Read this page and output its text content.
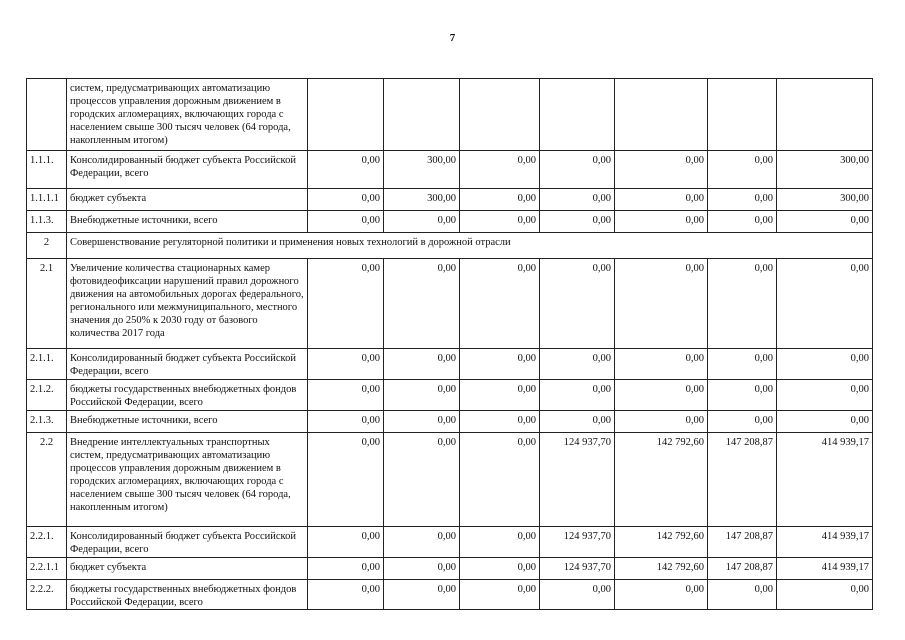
7
	систем, предусматривающих автоматизацию процессов управления дорожным движением в городских агломерациях, включающих города с населением свыше 300 тысяч человек (64 города, накопленным итогом)							
1.1.1.	Консолидированный бюджет субъекта Российской Федерации, всего	0,00	300,00	0,00	0,00	0,00	0,00	300,00
1.1.1.1	бюджет субъекта	0,00	300,00	0,00	0,00	0,00	0,00	300,00
1.1.3.	Внебюджетные источники, всего	0,00	0,00	0,00	0,00	0,00	0,00	0,00
2	Совершенствование регуляторной политики и применения новых технологий в дорожной отрасли							
2.1	Увеличение количества стационарных камер фотовидеофиксации нарушений правил дорожного движения на автомобильных дорогах федерального, регионального или межмуниципального, местного значения до 250% к 2030 году от базового количества 2017 года	0,00	0,00	0,00	0,00	0,00	0,00	0,00
2.1.1.	Консолидированный бюджет субъекта Российской Федерации, всего	0,00	0,00	0,00	0,00	0,00	0,00	0,00
2.1.2.	бюджеты государственных внебюджетных фондов Российской Федерации, всего	0,00	0,00	0,00	0,00	0,00	0,00	0,00
2.1.3.	Внебюджетные источники, всего	0,00	0,00	0,00	0,00	0,00	0,00	0,00
2.2	Внедрение интеллектуальных транспортных систем, предусматривающих автоматизацию процессов управления дорожным движением в городских агломерациях, включающих города с населением свыше 300 тысяч человек (64 города, накопленным итогом)	0,00	0,00	0,00	124 937,70	142 792,60	147 208,87	414 939,17
2.2.1.	Консолидированный бюджет субъекта Российской Федерации, всего	0,00	0,00	0,00	124 937,70	142 792,60	147 208,87	414 939,17
2.2.1.1	бюджет субъекта	0,00	0,00	0,00	124 937,70	142 792,60	147 208,87	414 939,17
2.2.2.	бюджеты государственных внебюджетных фондов Российской Федерации, всего	0,00	0,00	0,00	0,00	0,00	0,00	0,00
